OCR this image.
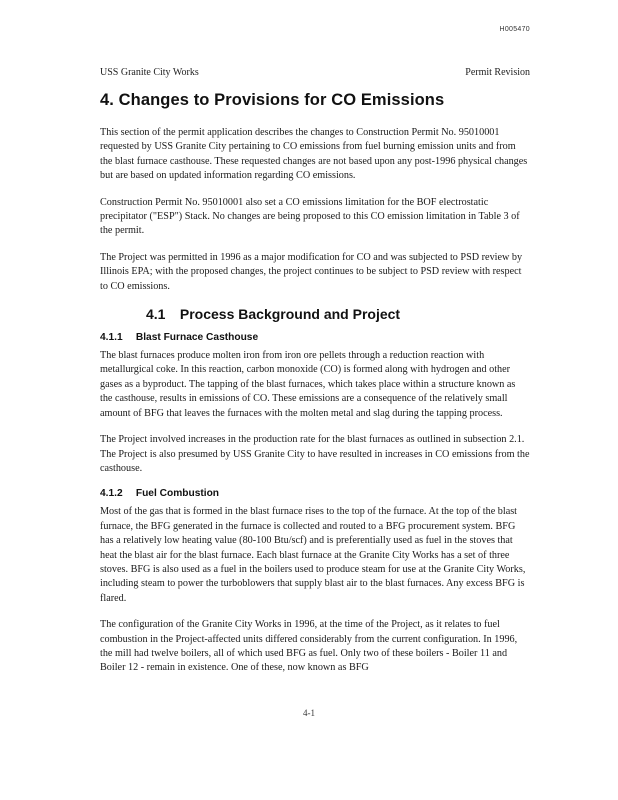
H005470
USS Granite City Works	Permit Revision
4. Changes to Provisions for CO Emissions

This section of the permit application describes the changes to Construction Permit No. 95010001 requested by USS Granite City pertaining to CO emissions from fuel burning emission units and from the blast furnace casthouse. These requested changes are not based upon any post-1996 physical changes but are based on updated information regarding CO emissions.

Construction Permit No. 95010001 also set a CO emissions limitation for the BOF electrostatic precipitator ("ESP") Stack. No changes are being proposed to this CO emission limitation in Table 3 of the permit.

The Project was permitted in 1996 as a major modification for CO and was subjected to PSD review by Illinois EPA; with the proposed changes, the project continues to be subject to PSD review with respect to CO emissions.

4.1 Process Background and Project
4.1.1 Blast Furnace Casthouse

The blast furnaces produce molten iron from iron ore pellets through a reduction reaction with metallurgical coke. In this reaction, carbon monoxide (CO) is formed along with hydrogen and other gases as a byproduct. The tapping of the blast furnaces, which takes place within a structure known as the casthouse, results in emissions of CO. These emissions are a consequence of the relatively small amount of BFG that leaves the furnaces with the molten metal and slag during the tapping process.

The Project involved increases in the production rate for the blast furnaces as outlined in subsection 2.1. The Project is also presumed by USS Granite City to have resulted in increases in CO emissions from the casthouse.

4.1.2 Fuel Combustion

Most of the gas that is formed in the blast furnace rises to the top of the furnace. At the top of the blast furnace, the BFG generated in the furnace is collected and routed to a BFG procurement system. BFG has a relatively low heating value (80-100 Btu/scf) and is preferentially used as fuel in the stoves that heat the blast air for the blast furnace. Each blast furnace at the Granite City Works has a set of three stoves. BFG is also used as a fuel in the boilers used to produce steam for use at the Granite City Works, including steam to power the turboblowers that supply blast air to the blast furnaces. Any excess BFG is flared.

The configuration of the Granite City Works in 1996, at the time of the Project, as it relates to fuel combustion in the Project-affected units differed considerably from the current configuration. In 1996, the mill had twelve boilers, all of which used BFG as fuel. Only two of these boilers - Boiler 11 and Boiler 12 - remain in existence. One of these, now known as BFG

4-1
